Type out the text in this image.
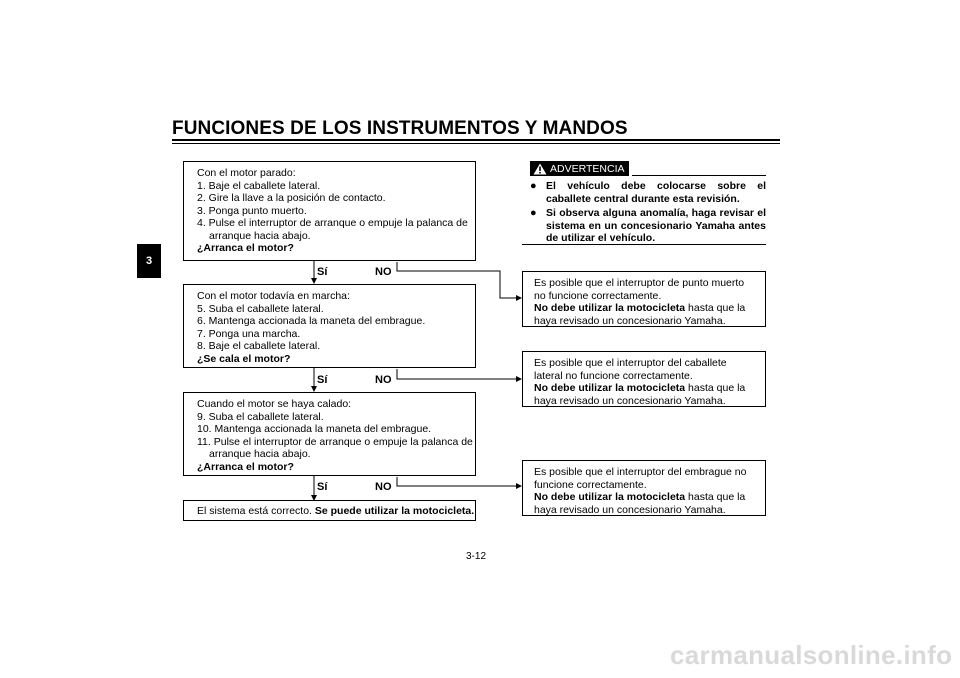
FUNCIONES DE LOS INSTRUMENTOS Y MANDOS
3
Con el motor parado:
1. Baje el caballete lateral.
2. Gire la llave a la posición de contacto.
3. Ponga punto muerto.
4. Pulse el interruptor de arranque o empuje la palanca de
arranque hacia abajo.
¿Arranca el motor?
Sí	NO
Con el motor todavía en marcha:
5. Suba el caballete lateral.
6. Mantenga accionada la maneta del embrague.
7. Ponga una marcha.
8. Baje el caballete lateral.
¿Se cala el motor?
Sí	NO
Cuando el motor se haya calado:
9. Suba el caballete lateral.
10. Mantenga accionada la maneta del embrague.
11. Pulse el interruptor de arranque o empuje la palanca de
arranque hacia abajo.
¿Arranca el motor?
Sí	NO
El sistema está correcto. Se puede utilizar la motocicleta.
ADVERTENCIA
● El vehículo debe colocarse sobre el caballete central durante esta revisión.
● Si observa alguna anomalía, haga revisar el sistema en un concesionario Yamaha antes de utilizar el vehículo.
Es posible que el interruptor de punto muerto
no funcione correctamente.
No debe utilizar la motocicleta hasta que la
haya revisado un concesionario Yamaha.
Es posible que el interruptor del caballete
lateral no funcione correctamente.
No debe utilizar la motocicleta hasta que la
haya revisado un concesionario Yamaha.
Es posible que el interruptor del embrague no
funcione correctamente.
No debe utilizar la motocicleta hasta que la
haya revisado un concesionario Yamaha.
3-12
carmanualsonline.info
